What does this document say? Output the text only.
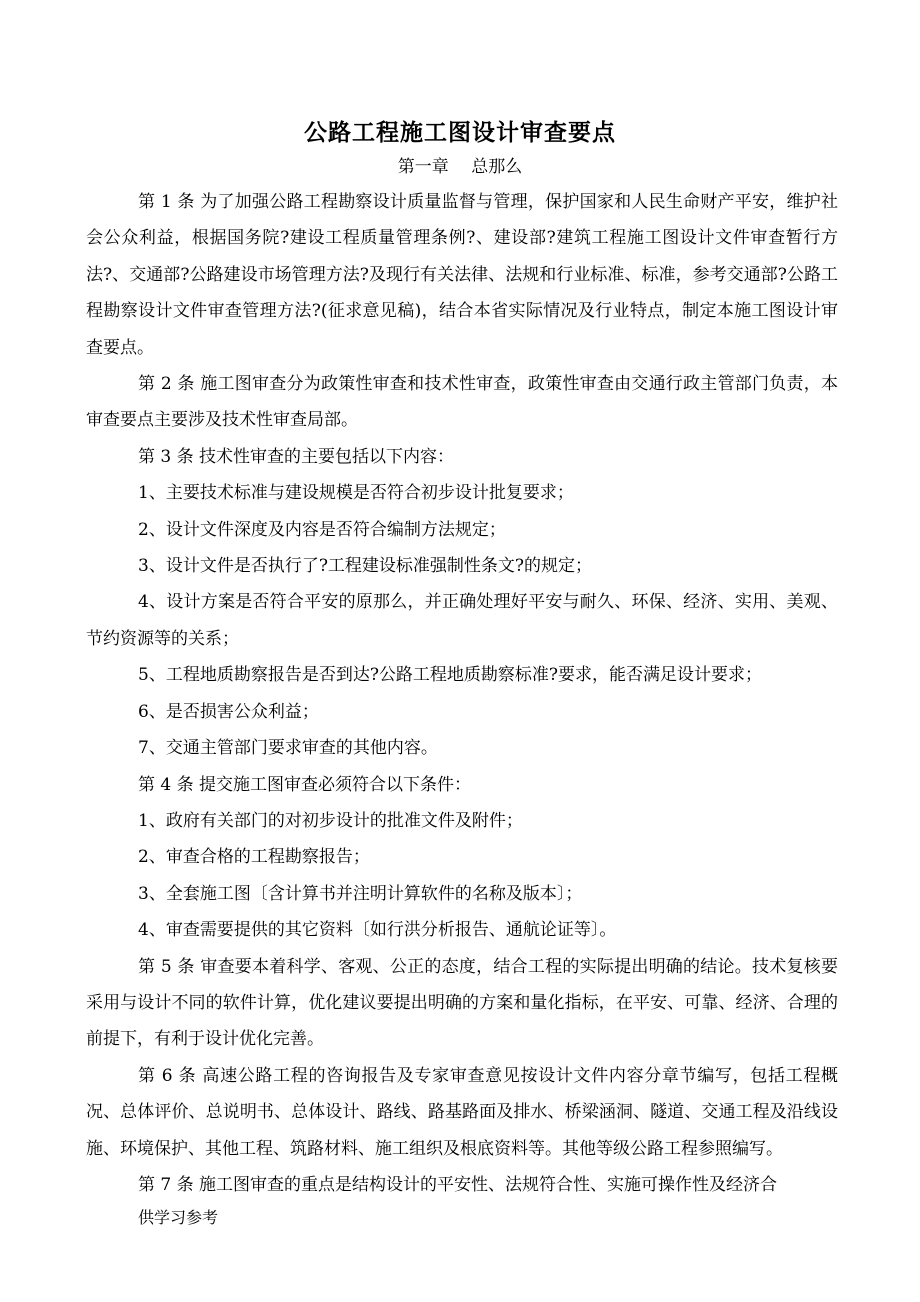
公路工程施工图设计审查要点
第一章　 总那么

第 1 条 为了加强公路工程勘察设计质量监督与管理，保护国家和人民生命财产平安，维护社会公众利益，根据国务院?建设工程质量管理条例?、建设部?建筑工程施工图设计文件审查暂行方法?、交通部?公路建设市场管理方法?及现行有关法律、法规和行业标准、标准，参考交通部?公路工程勘察设计文件审查管理方法?(征求意见稿)，结合本省实际情况及行业特点，制定本施工图设计审查要点。

第 2 条 施工图审查分为政策性审查和技术性审查，政策性审查由交通行政主管部门负责，本审查要点主要涉及技术性审查局部。

第 3 条 技术性审查的主要包括以下内容：

1、主要技术标准与建设规模是否符合初步设计批复要求；

2、设计文件深度及内容是否符合编制方法规定；

3、设计文件是否执行了?工程建设标准强制性条文?的规定；

4、设计方案是否符合平安的原那么，并正确处理好平安与耐久、环保、经济、实用、美观、节约资源等的关系；

5、工程地质勘察报告是否到达?公路工程地质勘察标准?要求，能否满足设计要求；

6、是否损害公众利益；

7、交通主管部门要求审查的其他内容。

第 4 条 提交施工图审查必须符合以下条件：

1、政府有关部门的对初步设计的批准文件及附件；

2、审查合格的工程勘察报告；

3、全套施工图〔含计算书并注明计算软件的名称及版本〕；

4、审查需要提供的其它资料〔如行洪分析报告、通航论证等〕。

第 5 条 审查要本着科学、客观、公正的态度，结合工程的实际提出明确的结论。技术复核要采用与设计不同的软件计算，优化建议要提出明确的方案和量化指标，在平安、可靠、经济、合理的前提下，有利于设计优化完善。

第 6 条 高速公路工程的咨询报告及专家审查意见按设计文件内容分章节编写，包括工程概况、总体评价、总说明书、总体设计、路线、路基路面及排水、桥梁涵洞、隧道、交通工程及沿线设施、环境保护、其他工程、筑路材料、施工组织及根底资料等。其他等级公路工程参照编写。

第 7 条 施工图审查的重点是结构设计的平安性、法规符合性、实施可操作性及经济合

供学习参考
